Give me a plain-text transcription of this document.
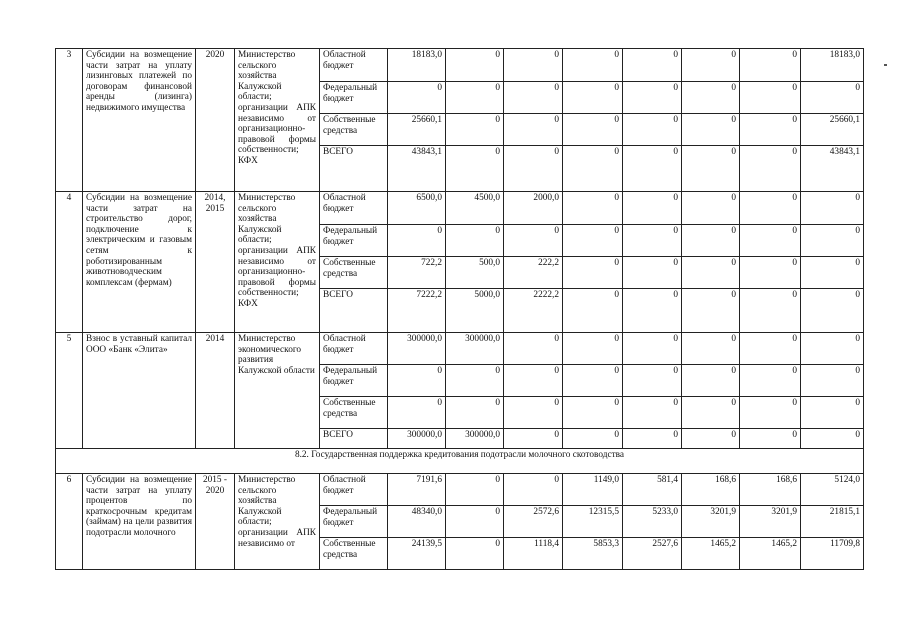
3	Субсидии на возмещение части затрат на уплату лизинговых платежей по договорам финансовой аренды (лизинга) недвижимого имущества	2020	Министерство сельского хозяйства Калужской области; организации АПК независимо от организационно-правовой формы собственности; КФХ	Областной бюджет	18183,0	0	0	0	0	0	0	18183,0
				Федеральный бюджет	0	0	0	0	0	0	0	0
				Собственные средства	25660,1	0	0	0	0	0	0	25660,1
				ВСЕГО	43843,1	0	0	0	0	0	0	43843,1
4	Субсидии на возмещение части затрат на строительство дорог, подключение к электрическим и газовым сетям к роботизированным животноводческим комплексам (фермам)	2014, 2015	Министерство сельского хозяйства Калужской области; организации АПК независимо от организационно-правовой формы собственности; КФХ	Областной бюджет	6500,0	4500,0	2000,0	0	0	0	0	0
				Федеральный бюджет	0	0	0	0	0	0	0	0
				Собственные средства	722,2	500,0	222,2	0	0	0	0	0
				ВСЕГО	7222,2	5000,0	2222,2	0	0	0	0	0
5	Взнос в уставный капитал ООО «Банк «Элита»	2014	Министерство экономического развития Калужской области	Областной бюджет	300000,0	300000,0	0	0	0	0	0	0
				Федеральный бюджет	0	0	0	0	0	0	0	0
				Собственные средства	0	0	0	0	0	0	0	0
				ВСЕГО	300000,0	300000,0	0	0	0	0	0	0
8.2. Государственная поддержка кредитования подотрасли молочного скотоводства												
6	Субсидии на возмещение части затрат на уплату процентов по краткосрочным кредитам (займам) на цели развития подотрасли молочного	2015 - 2020	Министерство сельского хозяйства Калужской области; организации АПК независимо от	Областной бюджет	7191,6	0	0	1149,0	581,4	168,6	168,6	5124,0
				Федеральный бюджет	48340,0	0	2572,6	12315,5	5233,0	3201,9	3201,9	21815,1
				Собственные средства	24139,5	0	1118,4	5853,3	2527,6	1465,2	1465,2	11709,8
